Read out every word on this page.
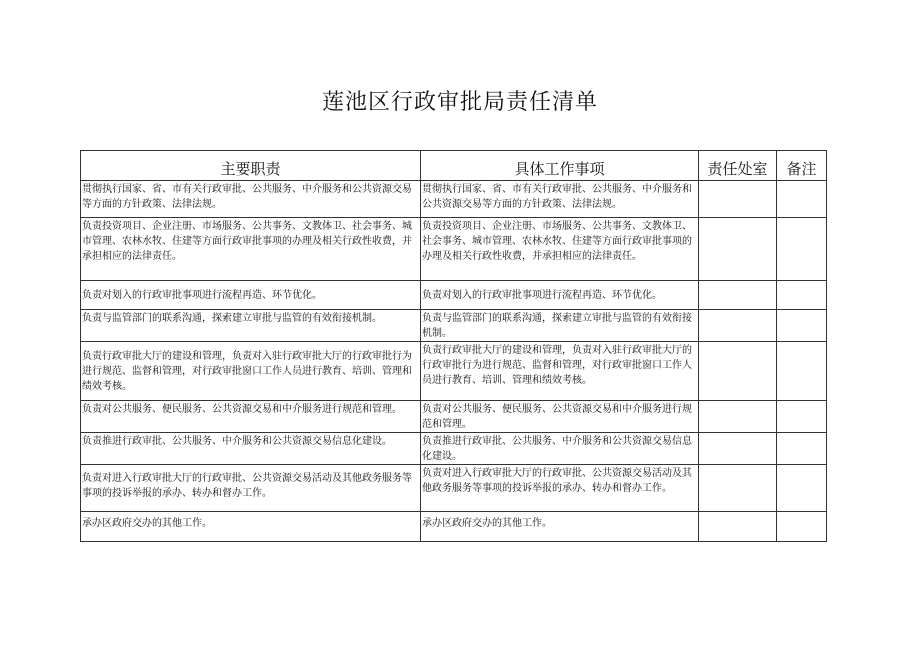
莲池区行政审批局责任清单
主要职责	具体工作事项	责任处室	备注

贯彻执行国家、省、市有关行政审批、公共服务、中介服务和公共资源交易等方面的方针政策、法律法规。	贯彻执行国家、省、市有关行政审批、公共服务、中介服务和公共资源交易等方面的方针政策、法律法规。		

负责投资项目、企业注册、市场服务、公共事务、文教体卫、社会事务、城市管理、农林水牧、住建等方面行政审批事项的办理及相关行政性收费，并承担相应的法律责任。	负责投资项目、企业注册、市场服务、公共事务、文教体卫、社会事务、城市管理、农林水牧、住建等方面行政审批事项的办理及相关行政性收费，并承担相应的法律责任。		

负责对划入的行政审批事项进行流程再造、环节优化。	负责对划入的行政审批事项进行流程再造、环节优化。		

负责与监管部门的联系沟通，探索建立审批与监管的有效衔接机制。	负责与监管部门的联系沟通，探索建立审批与监管的有效衔接机制。		

负责行政审批大厅的建设和管理，负责对入驻行政审批大厅的行政审批行为进行规范、监督和管理，对行政审批窗口工作人员进行教育、培训、管理和绩效考核。	负责行政审批大厅的建设和管理，负责对入驻行政审批大厅的行政审批行为进行规范、监督和管理，对行政审批窗口工作人员进行教育、培训、管理和绩效考核。		

负责对公共服务、便民服务、公共资源交易和中介服务进行规范和管理。	负责对公共服务、便民服务、公共资源交易和中介服务进行规范和管理。		

负责推进行政审批、公共服务、中介服务和公共资源交易信息化建设。	负责推进行政审批、公共服务、中介服务和公共资源交易信息化建设。		

负责对进入行政审批大厅的行政审批、公共资源交易活动及其他政务服务等事项的投诉举报的承办、转办和督办工作。	负责对进入行政审批大厅的行政审批、公共资源交易活动及其他政务服务等事项的投诉举报的承办、转办和督办工作。		

承办区政府交办的其他工作。	承办区政府交办的其他工作。		
